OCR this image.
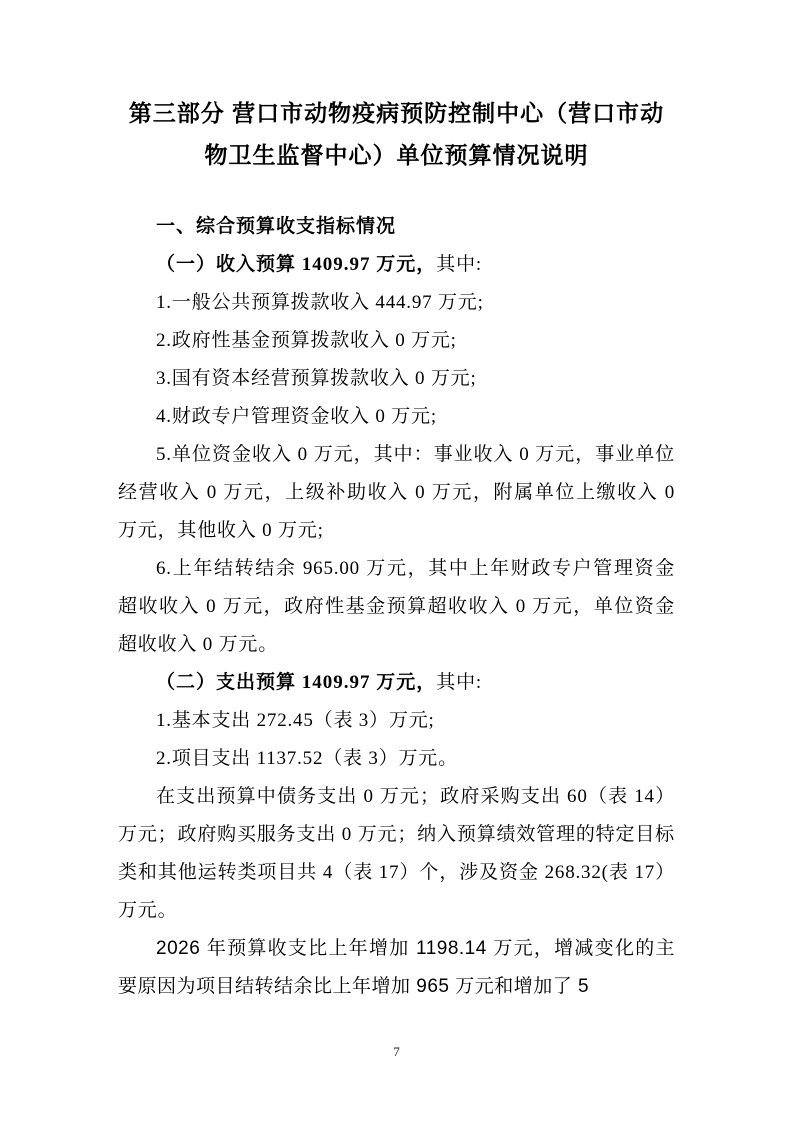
第三部分 营口市动物疫病预防控制中心（营口市动
物卫生监督中心）单位预算情况说明

一、综合预算收支指标情况

（一）收入预算 1409.97 万元，其中:

1.一般公共预算拨款收入 444.97 万元;

2.政府性基金预算拨款收入 0 万元;

3.国有资本经营预算拨款收入 0 万元;

4.财政专户管理资金收入 0 万元;

5.单位资金收入 0 万元，其中：事业收入 0 万元，事业单位经营收入 0 万元，上级补助收入 0 万元，附属单位上缴收入 0 万元，其他收入 0 万元;

6.上年结转结余 965.00 万元，其中上年财政专户管理资金超收收入 0 万元，政府性基金预算超收收入 0 万元，单位资金超收收入 0 万元。

（二）支出预算 1409.97 万元，其中:

1.基本支出 272.45（表 3）万元;

2.项目支出 1137.52（表 3）万元。

在支出预算中债务支出 0 万元；政府采购支出 60（表 14）万元；政府购买服务支出 0 万元；纳入预算绩效管理的特定目标类和其他运转类项目共 4（表 17）个，涉及资金 268.32(表 17）万元。

2026 年预算收支比上年增加 1198.14 万元，增减变化的主要原因为项目结转结余比上年增加 965 万元和增加了 5

7
